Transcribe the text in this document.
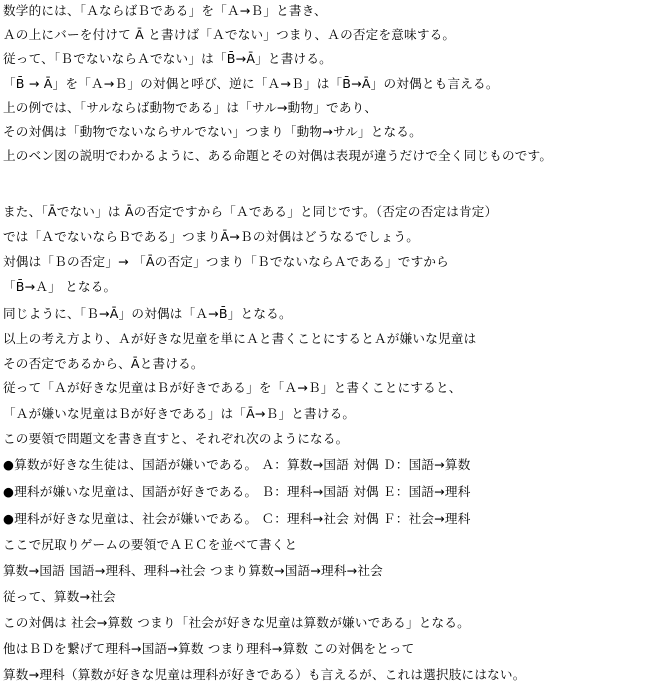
数学的には、「ＡならばＢである」を「Ａ→Ｂ」と書き、
Ａの上にバーを付けて Ā と書けば「Ａでない」つまり、Ａの否定を意味する。
従って、「ＢでないならＡでない」は「B̄→Ā」と書ける。
「B̄ → Ā」を「Ａ→Ｂ」の対偶と呼び、逆に「Ａ→Ｂ」は「B̄→Ā」の対偶とも言える。
上の例では、「サルならば動物である」は「サル→動物」であり、
その対偶は「動物でないならサルでない」つまり「動物→サル」となる。
上のベン図の説明でわかるように、ある命題とその対偶は表現が違うだけで全く同じものです。
また、「Āでない」は Āの否定ですから「Ａである」と同じです。（否定の否定は肯定）
では「ＡでないならＢである」つまりĀ→Ｂの対偶はどうなるでしょう。
対偶は「Ｂの否定」→ 「Āの否定」つまり「ＢでないならＡである」ですから
「B̄→Ａ」 となる。
同じように、「Ｂ→Ā」の対偶は「Ａ→B̄」となる。
以上の考え方より、Ａが好きな児童を単にＡと書くことにするとＡが嫌いな児童は
その否定であるから、Āと書ける。
従って「Ａが好きな児童はＢが好きである」を「Ａ→Ｂ」と書くことにすると、
「Ａが嫌いな児童はＢが好きである」は「Ā→Ｂ」と書ける。
この要領で問題文を書き直すと、それぞれ次のようになる。
●算数が好きな生徒は、国語が嫌いである。 Ａ：算数→国語 対偶 Ｄ：国語→算数
●理科が嫌いな児童は、国語が好きである。 Ｂ：理科→国語 対偶 Ｅ：国語→理科
●理科が好きな児童は、社会が嫌いである。 Ｃ：理科→社会 対偶 Ｆ：社会→理科
ここで尻取りゲームの要領でＡＥＣを並べて書くと
算数→国語 国語→理科、理科→社会 つまり算数→国語→理科→社会
従って、算数→社会
この対偶は 社会→算数 つまり「社会が好きな児童は算数が嫌いである」となる。
他はＢＤを繋げて理科→国語→算数 つまり理科→算数 この対偶をとって
算数→理科（算数が好きな児童は理科が好きである）も言えるが、これは選択肢にはない。
